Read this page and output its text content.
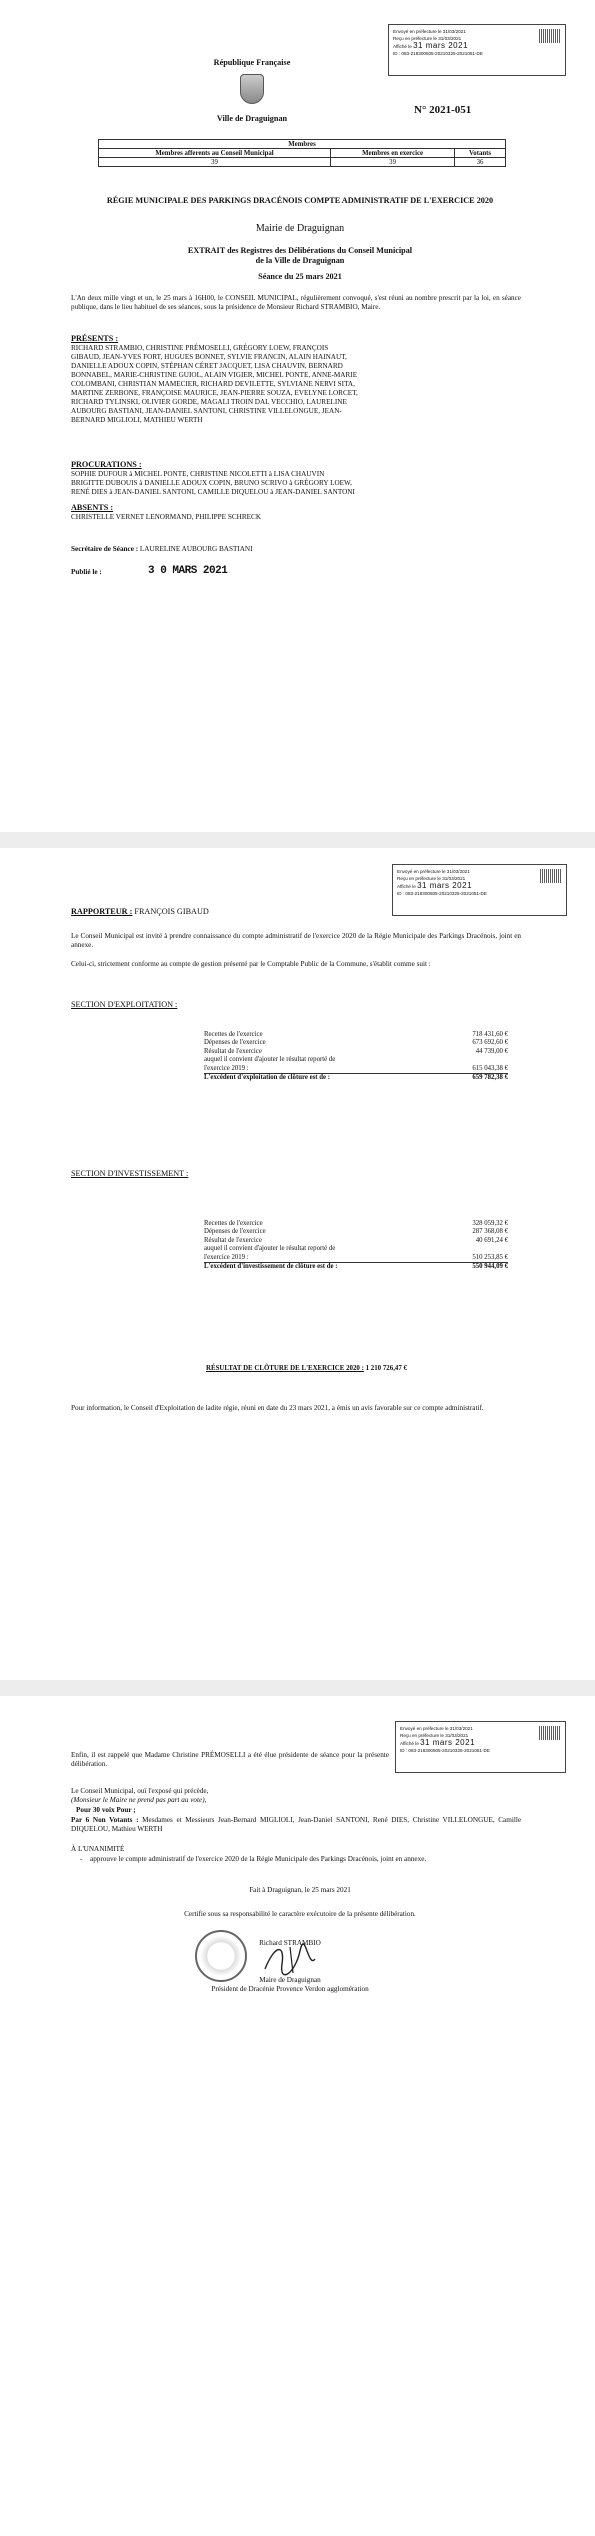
Envoyé en préfecture le 31/03/2021
Reçu en préfecture le 31/03/2021
Affiché le 31 mars 2021
ID : 083-218300505-20210325-2021051-DE
République Française
Ville de Draguignan
N° 2021-051
Membres		
Membres afferents au Conseil Municipal	Membres en exercice	Votants
39	39	36
RÉGIE MUNICIPALE DES PARKINGS DRACÉNOIS COMPTE ADMINISTRATIF DE L'EXERCICE 2020
Mairie de Draguignan
EXTRAIT des Registres des Délibérations du Conseil Municipal
de la Ville de Draguignan
Séance du 25 mars 2021
L'An deux mille vingt et un, le 25 mars à 16H00, le CONSEIL MUNICIPAL, régulièrement convoqué, s'est réuni au nombre prescrit par la loi, en séance publique, dans le lieu habituel de ses séances, sous la présidence de Monsieur Richard STRAMBIO, Maire.
PRÉSENTS :
RICHARD STRAMBIO, CHRISTINE PRÉMOSELLI, GRÉGORY LOEW, FRANÇOIS
GIBAUD, JEAN-YVES FORT, HUGUES BONNET, SYLVIE FRANCIN, ALAIN HAINAUT,
DANIELLE ADOUX COPIN, STÉPHAN CÉRET JACQUET, LISA CHAUVIN, BERNARD
BONNABEL, MARIE-CHRISTINE GUIOL, ALAIN VIGIER, MICHEL PONTE, ANNE-MARIE
COLOMBANI, CHRISTIAN MAMECIER, RICHARD DEVILETTE, SYLVIANE NERVI SITA,
MARTINE ZERBONE, FRANÇOISE MAURICE, JEAN-PIERRE SOUZA, EVELYNE LORCET,
RICHARD TYLINSKI, OLIVIER GORDE, MAGALI TROIN DAL VECCHIO, LAURELINE
AUBOURG BASTIANI, JEAN-DANIEL SANTONI, CHRISTINE VILLELONGUE, JEAN-
BERNARD MIGLIOLI, MATHIEU WERTH
PROCURATIONS :
SOPHIE DUFOUR à MICHEL PONTE, CHRISTINE NICOLETTI à LISA CHAUVIN
BRIGITTE DUBOUIS à DANIELLE ADOUX COPIN, BRUNO SCRIVO à GRÉGORY LOEW,
RENÉ DIES à JEAN-DANIEL SANTONI, CAMILLE DIQUELOU à JEAN-DANIEL SANTONI
ABSENTS :
CHRISTELLE VERNET LENORMAND, PHILIPPE SCHRECK
Secrétaire de Séance : LAURELINE AUBOURG BASTIANI
Publié le :	3 0 MARS 2021
Envoyé en préfecture le 31/03/2021
Reçu en préfecture le 31/03/2021
Affiché le 31 mars 2021
ID : 083-218300505-20210325-2021051-DE
RAPPORTEUR : FRANÇOIS GIBAUD
Le Conseil Municipal est invité à prendre connaissance du compte administratif de l'exercice 2020 de la Régie Municipale des Parkings Dracénois, joint en annexe.
Celui-ci, strictement conforme au compte de gestion présenté par le Comptable Public de la Commune, s'établit comme suit :
SECTION D'EXPLOITATION :
Recettes de l'exercice	718 431,60 €
Dépenses de l'exercice	673 692,60 €
Résultat de l'exercice	44 739,00 €
auquel il convient d'ajouter le résultat reporté de
l'exercice 2019 :	615 043,38 €
L'excédent d'exploitation de clôture est de :	659 782,38 €
SECTION D'INVESTISSEMENT :
Recettes de l'exercice	328 059,32 €
Dépenses de l'exercice	287 368,08 €
Résultat de l'exercice	40 691,24 €
auquel il convient d'ajouter le résultat reporté de
l'exercice 2019 :	510 253,85 €
L'excédent d'investissement de clôture est de :	550 944,09 €
RÉSULTAT DE CLÔTURE DE L'EXERCICE 2020 : 1 210 726,47 €
Pour information, le Conseil d'Exploitation de ladite régie, réuni en date du 23 mars 2021, a émis un avis favorable sur ce compte administratif.
Envoyé en préfecture le 31/03/2021
Reçu en préfecture le 31/03/2021
Affiché le 31 mars 2021
ID : 083-218300505-20210325-2021051-DE
Enfin, il est rappelé que Madame Christine PRÉMOSELLI a été élue présidente de séance pour la présente délibération.
Le Conseil Municipal, ouï l'exposé qui précède,
(Monsieur le Maire ne prend pas part au vote),
Pour 30 voix Pour ;
Par 6 Non Votants : Mesdames et Messieurs Jean-Bernard MIGLIOLI, Jean-Daniel SANTONI, René DIES, Christine VILLELONGUE, Camille DIQUELOU, Mathieu WERTH
À L'UNANIMITÉ
- approuve le compte administratif de l'exercice 2020 de la Régie Municipale des Parkings Dracénois, joint en annexe.
Fait à Draguignan, le 25 mars 2021
Certifie sous sa responsabilité le caractère exécutoire de la présente délibération.
Richard STRAMBIO
Maire de Draguignan
Président de Dracénie Provence Verdon agglomération
